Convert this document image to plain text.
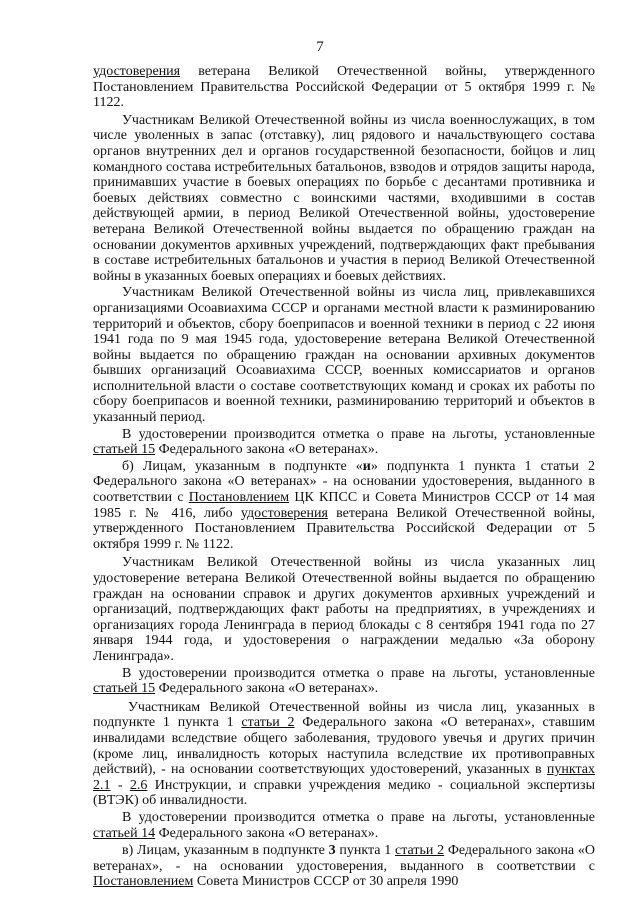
7

удостоверения ветерана Великой Отечественной войны, утвержденного Постановлением Правительства Российской Федерации от 5 октября 1999 г. № 1122.

Участникам Великой Отечественной войны из числа военнослужащих, в том числе уволенных в запас (отставку), лиц рядового и начальствующего состава органов внутренних дел и органов государственной безопасности, бойцов и лиц командного состава истребительных батальонов, взводов и отрядов защиты народа, принимавших участие в боевых операциях по борьбе с десантами противника и боевых действиях совместно с воинскими частями, входившими в состав действующей армии, в период Великой Отечественной войны, удостоверение ветерана Великой Отечественной войны выдается по обращению граждан на основании документов архивных учреждений, подтверждающих факт пребывания в составе истребительных батальонов и участия в период Великой Отечественной войны в указанных боевых операциях и боевых действиях.

Участникам Великой Отечественной войны из числа лиц, привлекавшихся организациями Осоавиахима СССР и органами местной власти к разминированию территорий и объектов, сбору боеприпасов и военной техники в период с 22 июня 1941 года по 9 мая 1945 года, удостоверение ветерана Великой Отечественной войны выдается по обращению граждан на основании архивных документов бывших организаций Осоавиахима СССР, военных комиссариатов и органов исполнительной власти о составе соответствующих команд и сроках их работы по сбору боеприпасов и военной техники, разминированию территорий и объектов в указанный период.

В удостоверении производится отметка о праве на льготы, установленные статьей 15 Федерального закона «О ветеранах».

б) Лицам, указанным в подпункте «и» подпункта 1 пункта 1 статьи 2 Федерального закона «О ветеранах» - на основании удостоверения, выданного в соответствии с Постановлением ЦК КПСС и Совета Министров СССР от 14 мая 1985 г. № 416, либо удостоверения ветерана Великой Отечественной войны, утвержденного Постановлением Правительства Российской Федерации от 5 октября 1999 г. № 1122.

Участникам Великой Отечественной войны из числа указанных лиц удостоверение ветерана Великой Отечественной войны выдается по обращению граждан на основании справок и других документов архивных учреждений и организаций, подтверждающих факт работы на предприятиях, в учреждениях и организациях города Ленинграда в период блокады с 8 сентября 1941 года по 27 января 1944 года, и удостоверения о награждении медалью «За оборону Ленинграда».

В удостоверении производится отметка о праве на льготы, установленные статьей 15 Федерального закона «О ветеранах».

Участникам Великой Отечественной войны из числа лиц, указанных в подпункте 1 пункта 1 статьи 2 Федерального закона «О ветеранах», ставшим инвалидами вследствие общего заболевания, трудового увечья и других причин (кроме лиц, инвалидность которых наступила вследствие их противоправных действий), - на основании соответствующих удостоверений, указанных в пунктах 2.1 - 2.6 Инструкции, и справки учреждения медико - социальной экспертизы (ВТЭК) об инвалидности.

В удостоверении производится отметка о праве на льготы, установленные статьей 14 Федерального закона «О ветеранах».

в) Лицам, указанным в подпункте 3 пункта 1 статьи 2 Федерального закона «О ветеранах», - на основании удостоверения, выданного в соответствии с Постановлением Совета Министров СССР от 30 апреля 1990
